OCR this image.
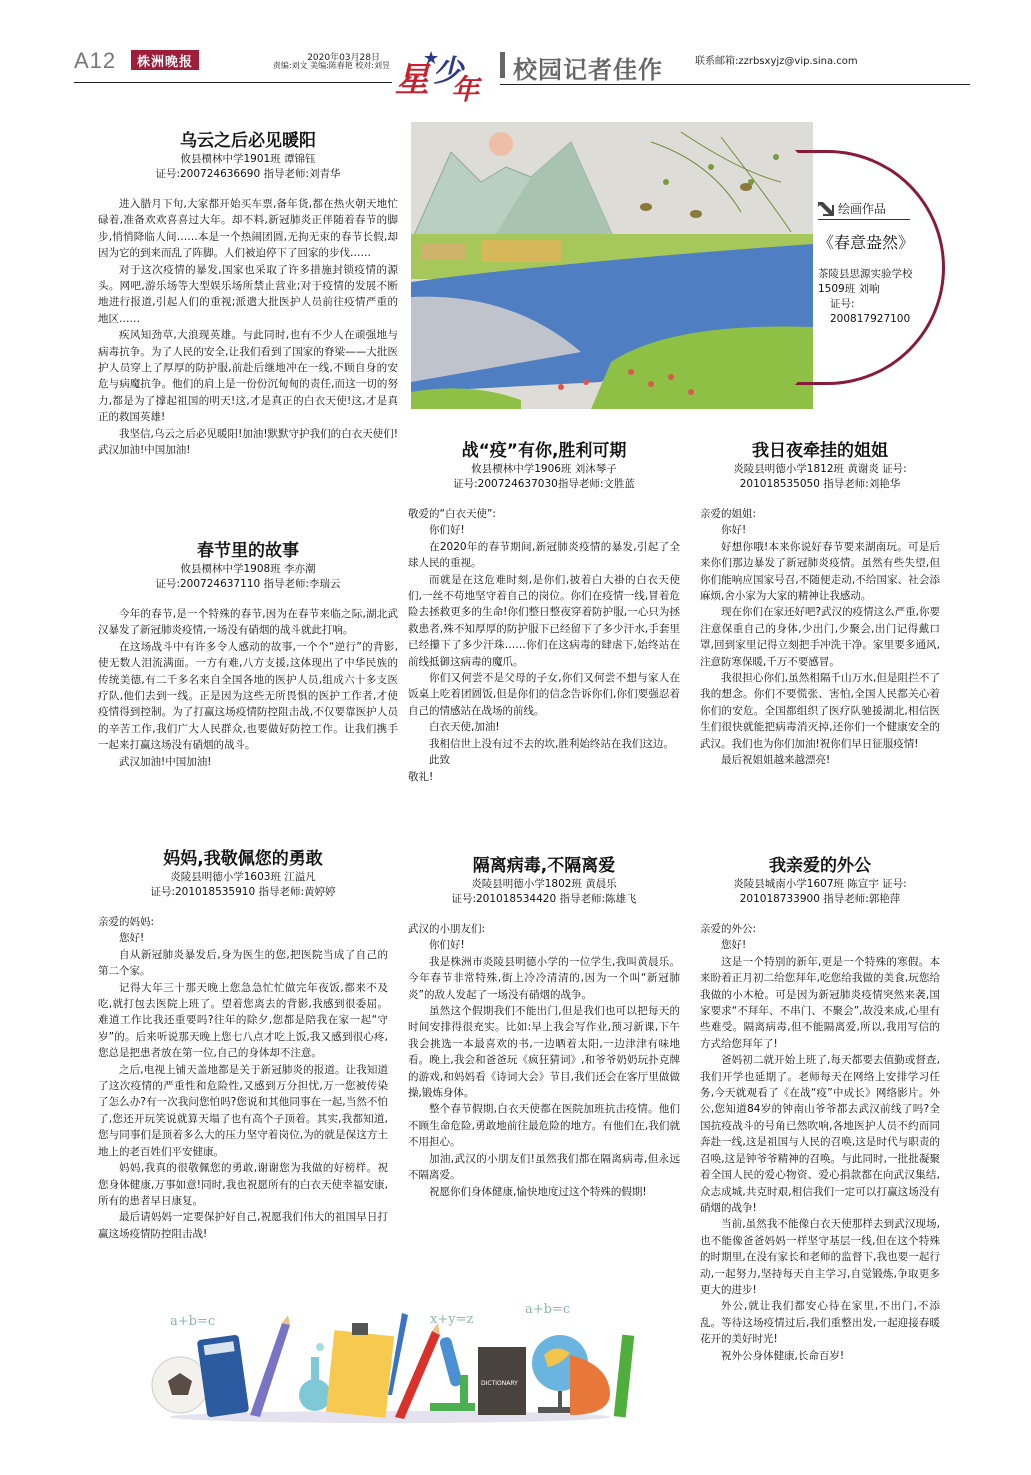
A12	株洲晚报	2020年03月28日
责编:刘文 美编:陈春艳 校对:刘昱 星
★
少
年
校园记者佳作	联系邮箱:zzrbsxyjz@vip.sina.com
乌云之后必见暖阳
攸县槚林中学1901班 谭锦钰
证号:200724636690 指导老师:刘青华

进入腊月下旬,大家都开始买车票,备年货,都在热火朝天地忙碌着,准备欢欢喜喜过大年。却不料,新冠肺炎正伴随着春节的脚步,悄悄降临人间……本是一个热闹团圆,无拘无束的春节长假,却因为它的到来而乱了阵脚。人们被迫停下了回家的步伐……

对于这次疫情的暴发,国家也采取了许多措施封锁疫情的源头。网吧,游乐场等大型娱乐场所禁止营业;对于疫情的发展不断地进行报道,引起人们的重视;派遣大批医护人员前往疫情严重的地区……

疾风知劲草,大浪现英雄。与此同时,也有不少人在顽强地与病毒抗争。为了人民的安全,让我们看到了国家的脊梁——大批医护人员穿上了厚厚的防护服,前赴后继地冲在一线,不顾自身的安危与病魔抗争。他们的肩上是一份份沉甸甸的责任,而这一切的努力,都是为了撑起祖国的明天!这,才是真正的白衣天使!这,才是真正的救国英雄!

我坚信,乌云之后必见暖阳!加油!默默守护我们的白衣天使们!武汉加油!中国加油!

绘画作品
《春意盎然》
茶陵县思源实验学校1509班 刘响
证号:
200817927100
春节里的故事
攸县槚林中学1908班 李亦潮
证号:200724637110 指导老师:李瑞云

今年的春节,是一个特殊的春节,因为在春节来临之际,湖北武汉暴发了新冠肺炎疫情,一场没有硝烟的战斗就此打响。

在这场战斗中有许多令人感动的故事,一个个“逆行”的背影,使无数人泪流满面。一方有难,八方支援,这体现出了中华民族的传统美德,有二千多名来自全国各地的医护人员,组成六十多支医疗队,他们去到一线。正是因为这些无所畏惧的医护工作者,才使疫情得到控制。为了打赢这场疫情防控阻击战,不仅要靠医护人员的辛苦工作,我们广大人民群众,也要做好防控工作。让我们携手一起来打赢这场没有硝烟的战斗。

武汉加油!中国加油!

战“疫”有你,胜利可期
攸县槚林中学1906班 刘沐琴子
证号:200724637030指导老师:文胜蓝

敬爱的“白衣天使”:

你们好!

在2020年的春节期间,新冠肺炎疫情的暴发,引起了全球人民的重视。

而就是在这危难时刻,是你们,披着白大褂的白衣天使们,一丝不苟地坚守着自己的岗位。你们在疫情一线,冒着危险去拯救更多的生命!你们整日整夜穿着防护服,一心只为拯救患者,殊不知厚厚的防护服下已经留下了多少汗水,手套里已经攥下了多少汗珠……你们在这病毒的肆虐下,始终站在前线抵御这病毒的魔爪。

你们又何尝不是父母的子女,你们又何尝不想与家人在饭桌上吃着团圆饭,但是你们的信念告诉你们,你们要强忍着自己的情感站在战场的前线。

白衣天使,加油!

我相信世上没有过不去的坎,胜利始终站在我们这边。

此致

敬礼!

我日夜牵挂的姐姐
炎陵县明德小学1812班 黄谢炎 证号:
201018535050 指导老师:刘艳华

亲爱的姐姐:

你好!

好想你哦!本来你说好春节要来湖南玩。可是后来你们那边暴发了新冠肺炎疫情。虽然有些失望,但你们能响应国家号召,不随便走动,不给国家、社会添麻烦,舍小家为大家的精神让我感动。

现在你们在家还好吧?武汉的疫情这么严重,你要注意保重自己的身体,少出门,少聚会,出门记得戴口罩,回到家里记得立刻把手冲洗干净。家里要多通风,注意防寒保暖,千万不要感冒。

我很担心你们,虽然相隔千山万水,但是阻拦不了我的想念。你们不要慌张、害怕,全国人民都关心着你们的安危。全国都组织了医疗队驰援湖北,相信医生们很快就能把病毒消灭掉,还你们一个健康安全的武汉。我们也为你们加油!祝你们早日征服疫情!

最后祝姐姐越来越漂亮!

妈妈,我敬佩您的勇敢
炎陵县明德小学1603班 江溢凡
证号:201018535910 指导老师:黄婷婷

亲爱的妈妈:

您好!

自从新冠肺炎暴发后,身为医生的您,把医院当成了自己的第二个家。

记得大年三十那天晚上您急急忙忙做完年夜饭,都来不及吃,就打包去医院上班了。望着您离去的背影,我感到很委屈。难道工作比我还重要吗?往年的除夕,您都是陪我在家一起“守岁”的。后来听说那天晚上您七八点才吃上饭,我又感到很心疼,您总是把患者放在第一位,自己的身体却不注意。

之后,电视上铺天盖地都是关于新冠肺炎的报道。让我知道了这次疫情的严重性和危险性,又感到万分担忧,万一您被传染了怎么办?有一次我问您怕吗?您说和其他同事在一起,当然不怕了,您还开玩笑说就算天塌了也有高个子顶着。其实,我都知道,您与同事们是顶着多么大的压力坚守着岗位,为的就是保这方土地上的老百姓们平安健康。

妈妈,我真的很敬佩您的勇敢,谢谢您为我做的好榜样。祝您身体健康,万事如意!同时,我也祝愿所有的白衣天使幸福安康,所有的患者早日康复。

最后请妈妈一定要保护好自己,祝愿我们伟大的祖国早日打赢这场疫情防控阻击战!

隔离病毒,不隔离爱
炎陵县明德小学1802班 黄晨乐
证号:201018534420 指导老师:陈雄飞

武汉的小朋友们:

你们好!

我是株洲市炎陵县明德小学的一位学生,我叫黄晨乐。今年春节非常特殊,街上冷冷清清的,因为一个叫“新冠肺炎”的敌人发起了一场没有硝烟的战争。

虽然这个假期我们不能出门,但是我们也可以把每天的时间安排得很充实。比如:早上我会写作业,预习新课,下午我会挑选一本最喜欢的书,一边晒着太阳,一边津津有味地看。晚上,我会和爸爸玩《疯狂猜词》,和爷爷奶奶玩扑克牌的游戏,和妈妈看《诗词大会》节目,我们还会在客厅里做做操,锻炼身体。

整个春节假期,白衣天使都在医院加班抗击疫情。他们不顾生命危险,勇敢地前往最危险的地方。有他们在,我们就不用担心。

加油,武汉的小朋友们!虽然我们都在隔离病毒,但永远不隔离爱。

祝愿你们身体健康,愉快地度过这个特殊的假期!

我亲爱的外公
炎陵县城南小学1607班 陈宣宇 证号:
201018733900 指导老师:郭艳萍

亲爱的外公:

您好!

这是一个特别的新年,更是一个特殊的寒假。本来盼着正月初二给您拜年,吃您给我做的美食,玩您给我做的小木枪。可是因为新冠肺炎疫情突然来袭,国家要求“不拜年、不串门、不聚会”,故没来成,心里有些难受。隔离病毒,但不能隔离爱,所以,我用写信的方式给您拜年了!

爸妈初二就开始上班了,每天都要去值勤或督查,我们开学也延期了。老师每天在网络上安排学习任务,今天就观看了《在战“疫”中成长》网络影片。外公,您知道84岁的钟南山爷爷都去武汉前线了吗?全国抗疫战斗的号角已然吹响,各地医护人员不约而同奔赴一线,这是祖国与人民的召唤,这是时代与职责的召唤,这是钟爷爷精神的召唤。与此同时,一批批凝聚着全国人民的爱心物资、爱心捐款都在向武汉集结,众志成城,共克时艰,相信我们一定可以打赢这场没有硝烟的战争!

当前,虽然我不能像白衣天使那样去到武汉现场,也不能像爸爸妈妈一样坚守基层一线,但在这个特殊的时期里,在没有家长和老师的监督下,我也要一起行动,一起努力,坚持每天自主学习,自觉锻炼,争取更多更大的进步!

外公,就让我们都安心待在家里,不出门,不添乱。等待这场疫情过后,我们重整出发,一起迎接春暖花开的美好时光!

祝外公身体健康,长命百岁!

a+b=c	x+y=z
a+b=c
DICTIONARY
